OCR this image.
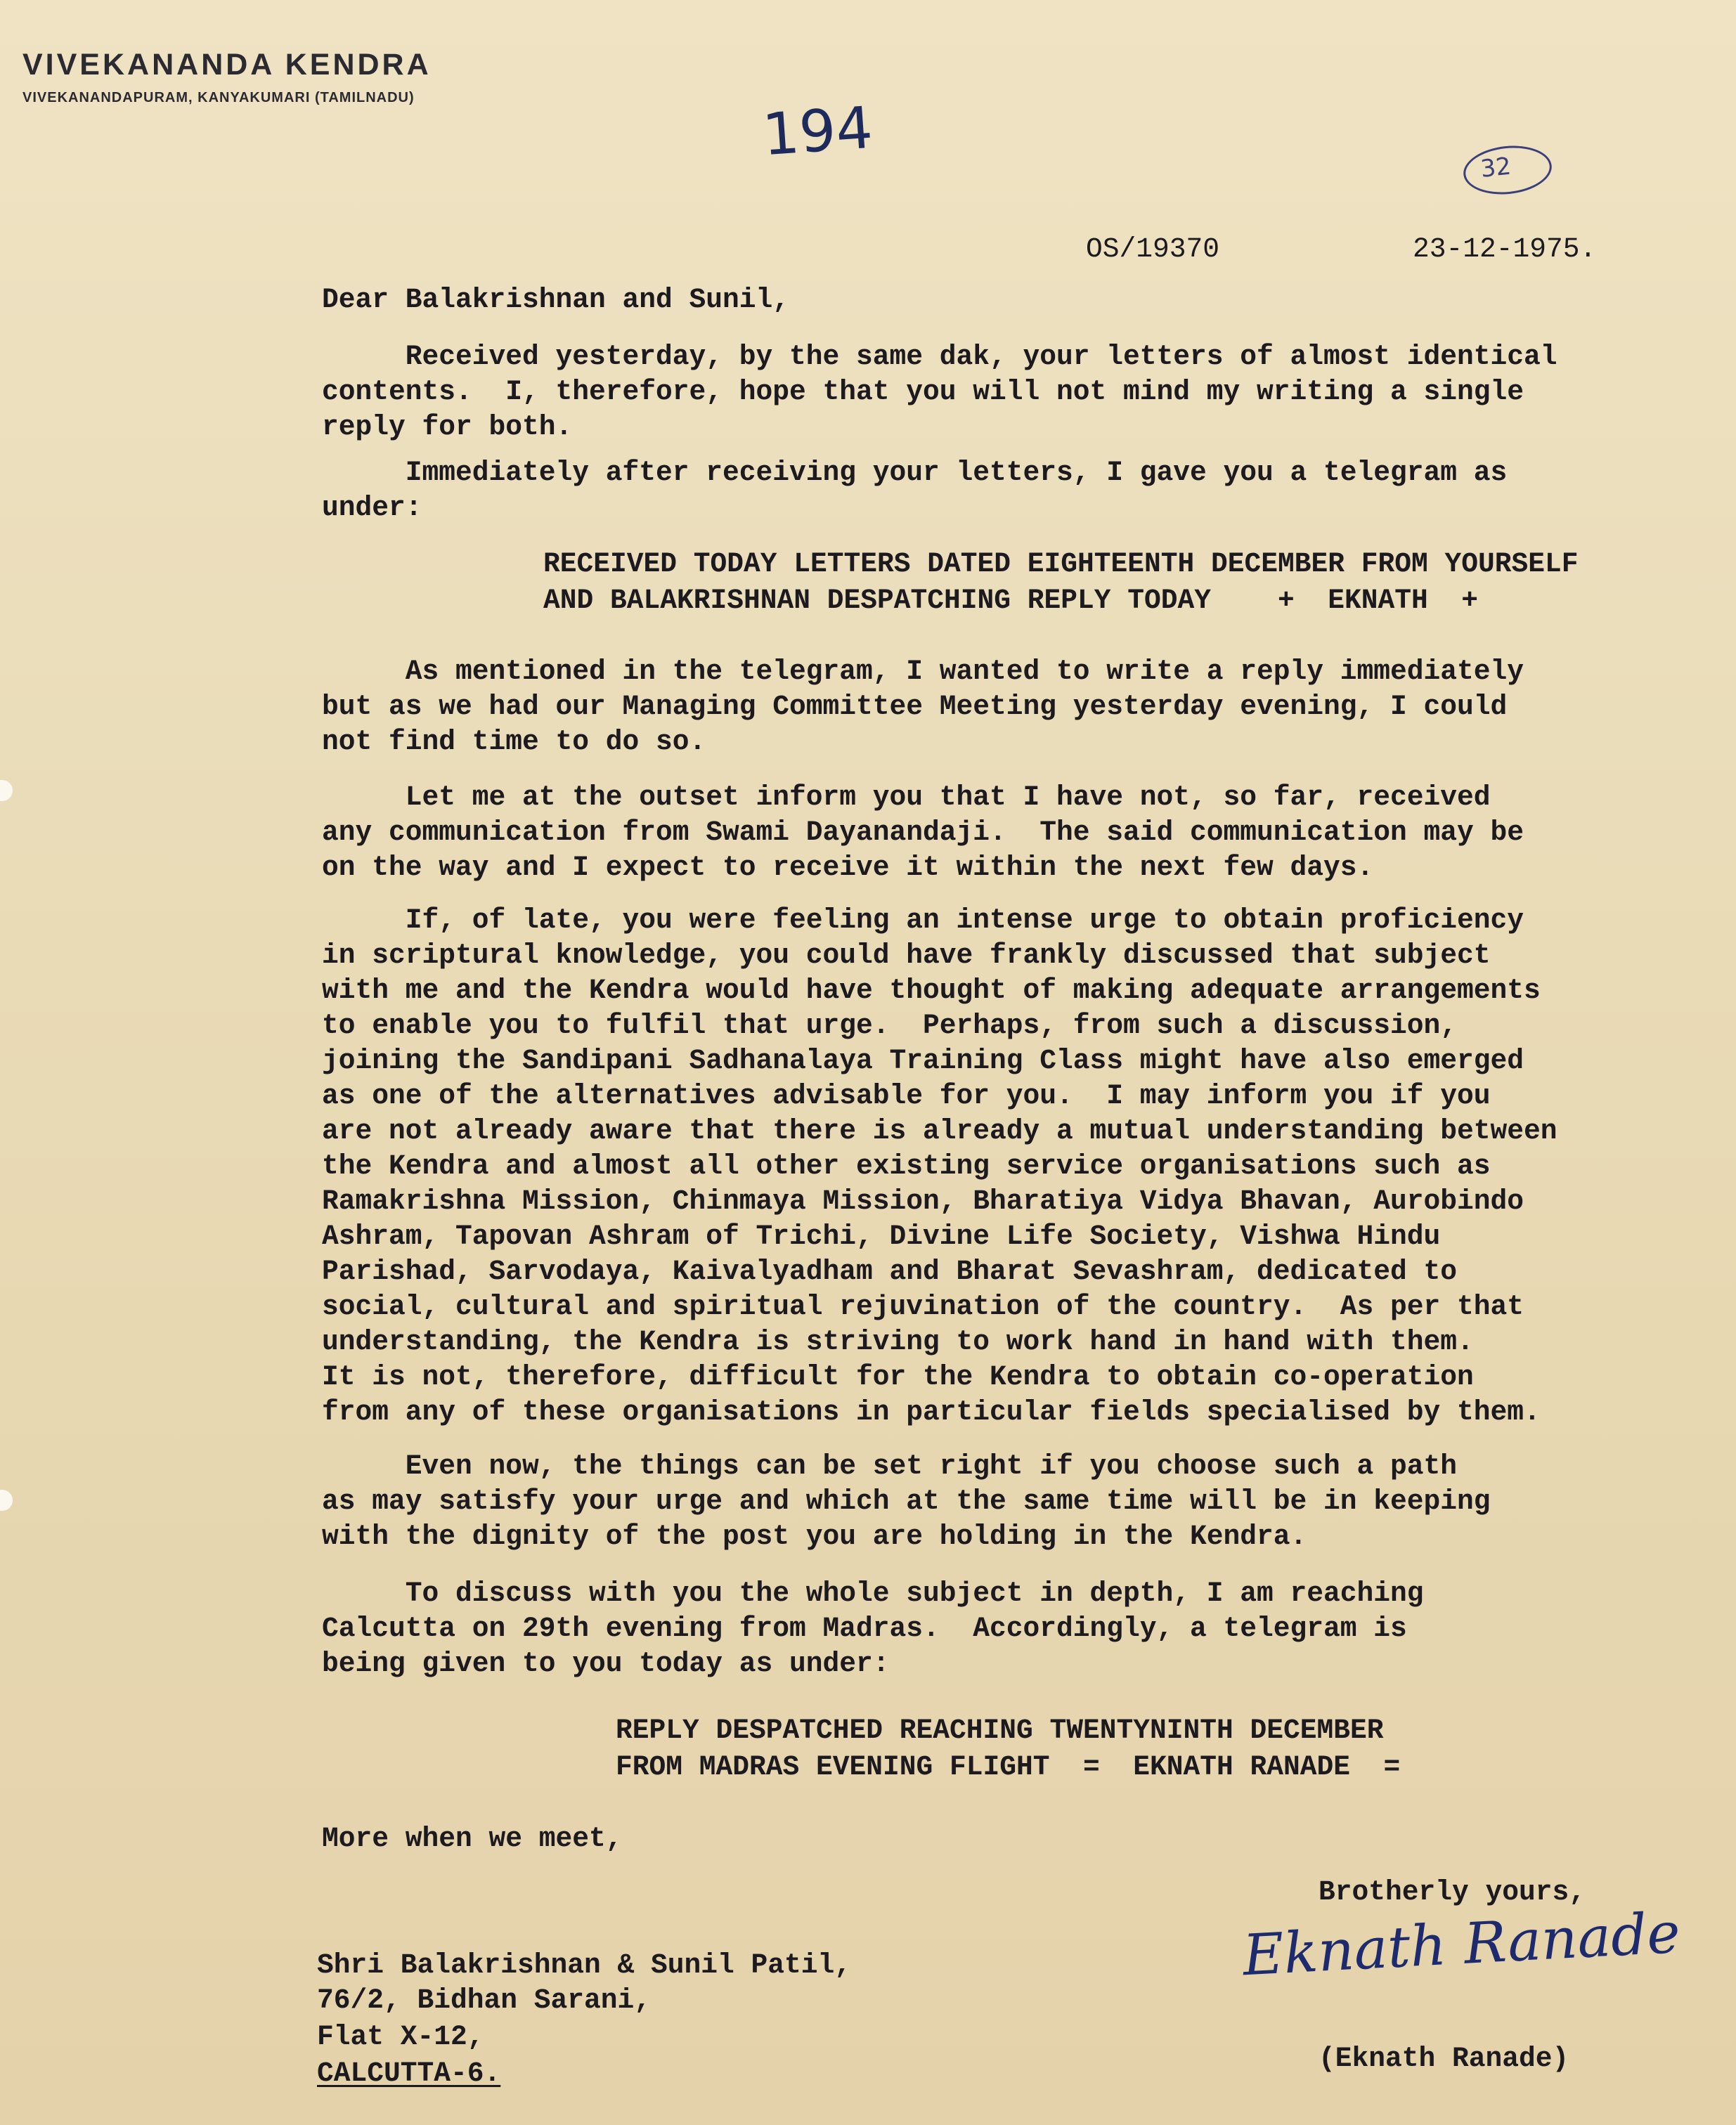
VIVEKANANDA KENDRA
VIVEKANANDAPURAM, KANYAKUMARI (TAMILNADU)	194	32
OS/19370	23-12-1975.
Dear Balakrishnan and Sunil,
Received yesterday, by the same dak, your letters of almost identical
contents.  I, therefore, hope that you will not mind my writing a single
reply for both.
Immediately after receiving your letters, I gave you a telegram as
under:
RECEIVED TODAY LETTERS DATED EIGHTEENTH DECEMBER FROM YOURSELF
AND BALAKRISHNAN DESPATCHING REPLY TODAY    +  EKNATH  +
As mentioned in the telegram, I wanted to write a reply immediately
but as we had our Managing Committee Meeting yesterday evening, I could
not find time to do so.
Let me at the outset inform you that I have not, so far, received
any communication from Swami Dayanandaji.  The said communication may be
on the way and I expect to receive it within the next few days.
If, of late, you were feeling an intense urge to obtain proficiency
in scriptural knowledge, you could have frankly discussed that subject
with me and the Kendra would have thought of making adequate arrangements
to enable you to fulfil that urge.  Perhaps, from such a discussion,
joining the Sandipani Sadhanalaya Training Class might have also emerged
as one of the alternatives advisable for you.  I may inform you if you
are not already aware that there is already a mutual understanding between
the Kendra and almost all other existing service organisations such as
Ramakrishna Mission, Chinmaya Mission, Bharatiya Vidya Bhavan, Aurobindo
Ashram, Tapovan Ashram of Trichi, Divine Life Society, Vishwa Hindu
Parishad, Sarvodaya, Kaivalyadham and Bharat Sevashram, dedicated to
social, cultural and spiritual rejuvination of the country.  As per that
understanding, the Kendra is striving to work hand in hand with them.
It is not, therefore, difficult for the Kendra to obtain co-operation
from any of these organisations in particular fields specialised by them.
Even now, the things can be set right if you choose such a path
as may satisfy your urge and which at the same time will be in keeping
with the dignity of the post you are holding in the Kendra.
To discuss with you the whole subject in depth, I am reaching
Calcutta on 29th evening from Madras.  Accordingly, a telegram is
being given to you today as under:
REPLY DESPATCHED REACHING TWENTYNINTH DECEMBER
FROM MADRAS EVENING FLIGHT  =  EKNATH RANADE  =
More when we meet,
Brotherly yours,
Eknath Ranade
(Eknath Ranade)
Shri Balakrishnan & Sunil Patil,
76/2, Bidhan Sarani,
Flat X-12,
CALCUTTA-6.
